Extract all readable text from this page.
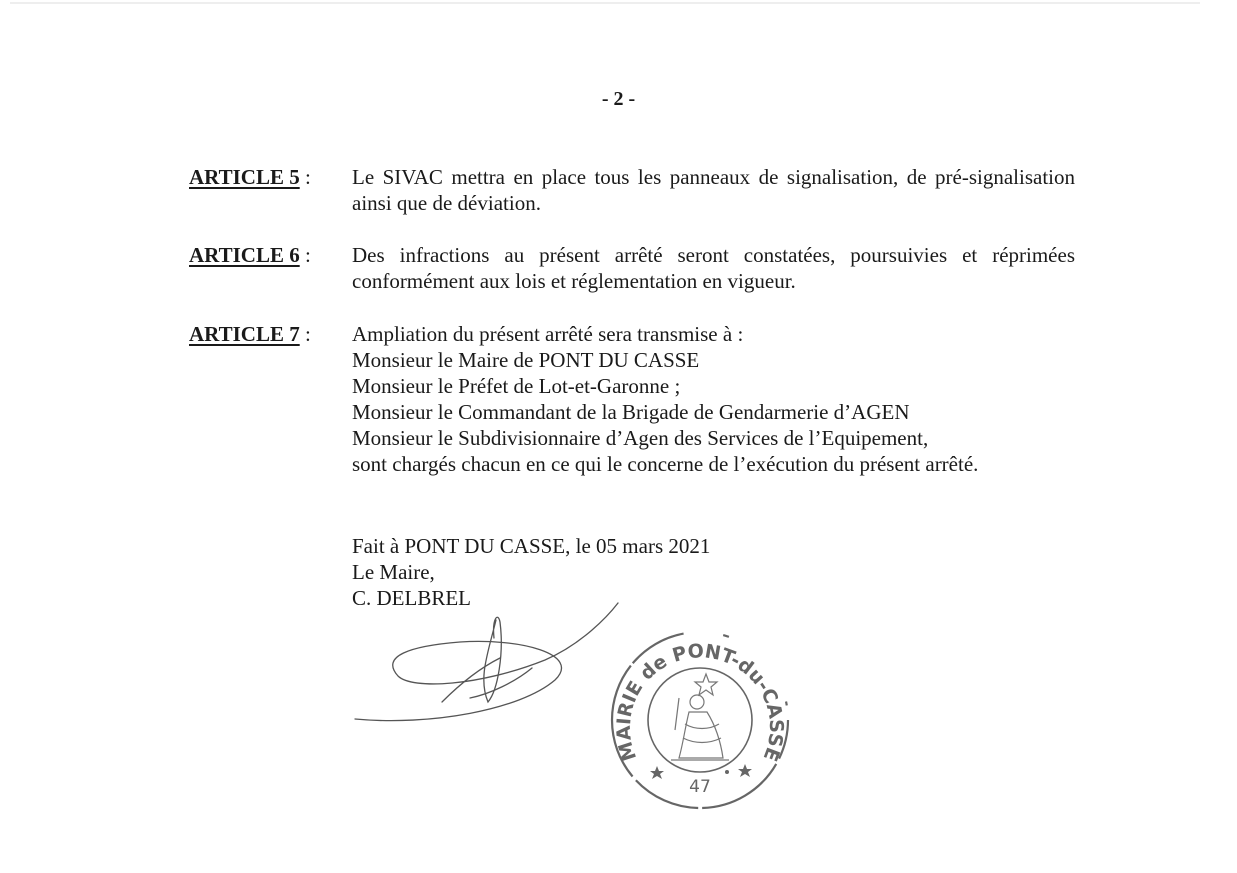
- 2 -
ARTICLE 5 : Le SIVAC mettra en place tous les panneaux de signalisation, de pré-signalisation ainsi que de déviation.

ARTICLE 6 : Des infractions au présent arrêté seront constatées, poursuivies et réprimées conformément aux lois et réglementation en vigueur.

ARTICLE 7 : Ampliation du présent arrêté sera transmise à :

Monsieur le Maire de PONT DU CASSE

Monsieur le Préfet de Lot-et-Garonne ;

Monsieur le Commandant de la Brigade de Gendarmerie d’AGEN

Monsieur le Subdivisionnaire d’Agen des Services de l’Equipement,

sont chargés chacun en ce qui le concerne de l’exécution du présent arrêté.

Fait à PONT DU CASSE, le 05 mars 2021
Le Maire,
C. DELBREL
MAIRIE de PONT-du-CASSE
47
